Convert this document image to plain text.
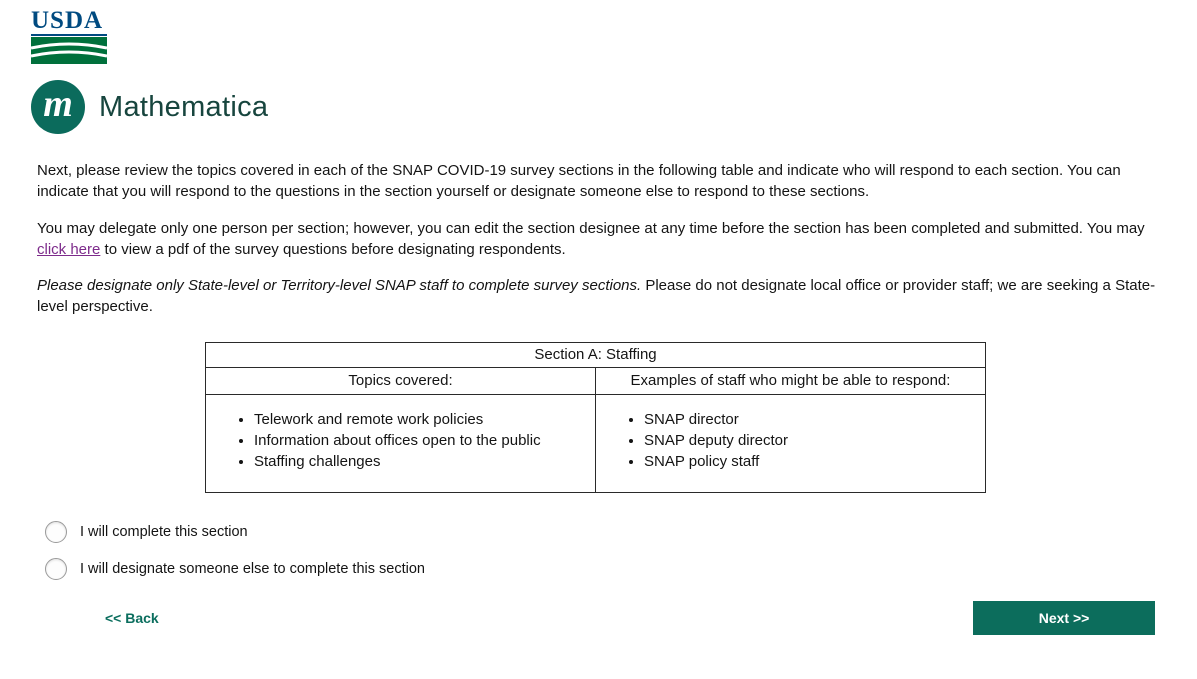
USDA
m Mathematica

Next, please review the topics covered in each of the SNAP COVID-19 survey sections in the following table and indicate who will respond to each section. You can indicate that you will respond to the questions in the section yourself or designate someone else to respond to these sections.

You may delegate only one person per section; however, you can edit the section designee at any time before the section has been completed and submitted. You may click here to view a pdf of the survey questions before designating respondents.

Please designate only State-level or Territory-level SNAP staff to complete survey sections. Please do not designate local office or provider staff; we are seeking a State-level perspective.

Section A: Staffing	
Topics covered:	Examples of staff who might be able to respond:

• Telework and remote work policies
• Information about offices open to the public
• Staffing challenges

• SNAP director
• SNAP deputy director
• SNAP policy staff
I will complete this section
I will designate someone else to complete this section
<< Back	Next >>
